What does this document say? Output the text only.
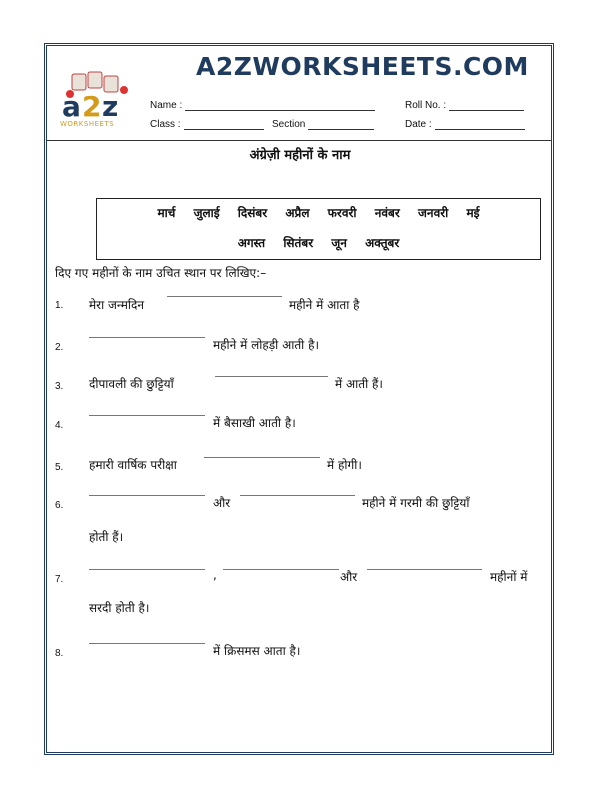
a 2 z
WORKSHEETS
A2ZWORKSHEETS.COM
Name :	Roll No. :
Class :	Section	Date :
अंग्रेज़ी महीनों के नाम
मार्च जुलाई दिसंबर अप्रैल फरवरी नवंबर जनवरी मई
अगस्त सितंबर जून अक्तूबर
दिए गए महीनों के नाम उचित स्थान पर लिखिए:–
1. मेरा जन्मदिन	महीने में आता है
2.	महीने में लोहड़ी आती है।
3. दीपावली की छुट्टियाँ	में आती हैं।
4.	में बैसाखी आती है।
5. हमारी वार्षिक परीक्षा	में होगी।
6.	और	महीने में गरमी की छुट्टियाँ
होती हैं।
7.	,	और	महीनों में
सरदी होती है।
8.	में क्रिसमस आता है।
